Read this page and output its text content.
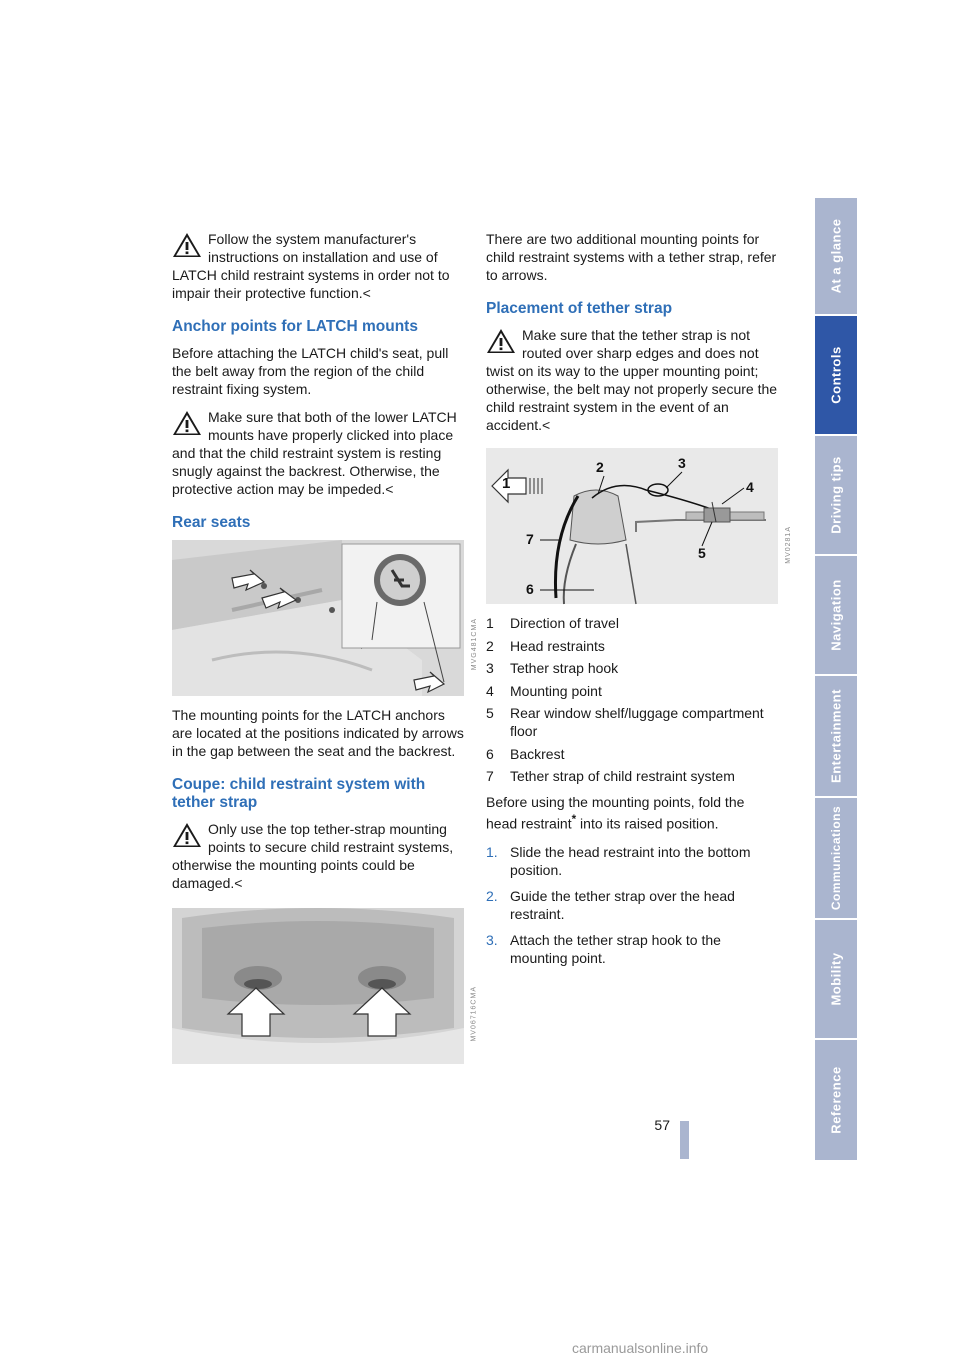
Follow the system manufacturer's instructions on installation and use of LATCH child restraint systems in order not to impair their protective function.<
Anchor points for LATCH mounts

Before attaching the LATCH child's seat, pull the belt away from the region of the child restraint fixing system.

Make sure that both of the lower LATCH mounts have properly clicked into place and that the child restraint system is resting snugly against the backrest. Otherwise, the protective action may be impeded.<
Rear seats
MVG481CMA

The mounting points for the LATCH anchors are located at the positions indicated by arrows in the gap between the seat and the backrest.

Coupe: child restraint system with tether strap
Only use the top tether-strap mounting points to secure child restraint systems, otherwise the mounting points could be damaged.<
MV06716CMA

There are two additional mounting points for child restraint systems with a tether strap, refer to arrows.

Placement of tether strap
Make sure that the tether strap is not routed over sharp edges and does not twist on its way to the upper mounting point; otherwise, the belt may not properly secure the child restraint system in the event of an accident.<
1
2	3
4
5
6
7	MV0281A
1	Direction of travel
2	Head restraints
3	Tether strap hook
4	Mounting point
5	Rear window shelf/luggage compartment floor
6	Backrest
7	Tether strap of child restraint system

Before using the mounting points, fold the head restraint* into its raised position.

1. Slide the head restraint into the bottom position.
2. Guide the tether strap over the head restraint.
3. Attach the tether strap hook to the mounting point.
At a glance
Controls
Driving tips
Navigation
Entertainment
Communications
Mobility
Reference
57
carmanualsonline.info
